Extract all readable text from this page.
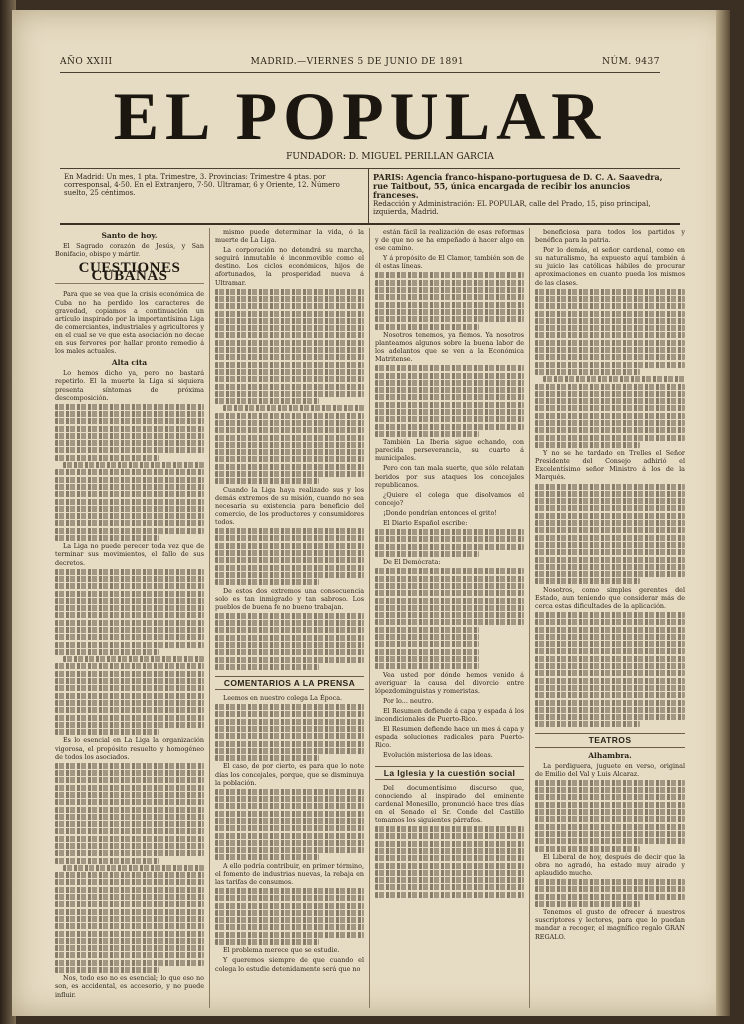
AÑO XXIII	MADRID.—VIERNES 5 DE JUNIO DE 1891	NÚM. 9437
EL POPULAR
FUNDADOR: D. MIGUEL PERILLAN GARCIA
En Madrid: Un mes, 1 pta. Trimestre, 3. Provincias: Trimestre 4 ptas. por corresponsal, 4·50. En el Extranjero, 7·50. Ultramar, 6 y Oriente, 12. Número suelto, 25 céntimos.
PARIS: Agencia franco-hispano-portuguesa de D. C. A. Saavedra, rue Taitbout, 55, única encargada de recibir los anuncios franceses.
Redacción y Administración: EL POPULAR, calle del Prado, 15, piso principal, izquierda, Madrid.
Santo de hoy.

El Sagrado corazón de Jesús, y San Bonifacio, obispo y mártir.

CUESTIONES CUBANAS

Para que se vea que la crisis económica de Cuba no ha perdido los caracteres de gravedad, copiamos a continuación un artículo inspirado por la importantísima Liga de comerciantes, industriales y agricultores y en el cual se ve que esta asociación no decae en sus fervores por hallar pronto remedio á los males actuales.

Alta cita

Lo hemos dicho ya, pero no bastará repetirlo. El la muerte la Liga si siquiera presenta síntomas de próxima descomposición.

La Liga no puede perecer toda vez que de terminar sus movimientos, el fallo de sus decretos.

Es lo esencial en La Liga la organización vigorosa, el propósito resuelto y homogéneo de todos los asociados.

Nos, todo eso no es esencial; lo que eso no son, es accidental, es accesorio, y no puede influir.

mismo puede determinar la vida, ó la muerte de La Liga.

La corporación no detendrá su marcha, seguirá inmutable é inconmovible como el destino. Los ciclos económicos, hijos de afortunados, la prosperidad nueva á Ultramar.

Cuando la Liga haya realizado sus y los demás extremos de su misión, cuando no sea necesaria su existencia para beneficio del comercio, de los productores y consumidores todos.

De estos dos extremos una consecuencia solo es tan inmigrado y tan sabroso. Los pueblos de buena fe no bueno trabajan.

COMENTARIOS A LA PRENSA

Leemos en nuestro colega La Época.

El caso, de por cierto, es para que lo note días los concejales, porque, que se disminuya la población.

A ello podría contribuir, en primer término, el fomento de industrias nuevas, la rebaja en las tarifas de consumos.

El problema merece que se estudie.

Y queremos siempre de que cuando el colega lo estudie detenidamente será que no

están fácil la realización de esas reformas y de que no se ha empeñado á hacer algo en ese camino.

Y á propósito de El Clamor, también son de él estas líneas.

Nosotros tenemos, ya fiemos. Ya nosotros planteamos algunos sobre la buena labor de los adelantos que se ven a la Económica Matritense.

También La Iberia sigue echando, con parecida perseverancia, su cuarto á municipales.

Pero con tan mala suerte, que sólo relatan beridos por sus ataques los concejales republicanos.

¿Quiere el colega que disolvamos el concejo?

¡Donde pondrían entonces el grito!

El Diario Español escribe:

De El Demócrata:

Vea usted por dónde hemos venido á averiguar la causa del divorcio entre lópezdominguistas y romeristas.

Por lo... neutro.

El Resumen defiende á capa y espada á los incondicionales de Puerto-Rico.

El Resumen defiende hace un mes á capa y espada soluciones radicales para Puerto-Rico.

Evolución misteriosa de las ideas.

La Iglesia y la cuestión social

Del documentísimo discurso que, conociendo al inspirado del eminente cardenal Monesillo, pronunció hace tres días en el Senado el Sr. Conde del Castillo tomamos los siguientes párrafos.

beneficiosa para todos los partidos y benéfica para la patria.

Por lo demás, el señor cardenal, como en su naturalismo, ha expuesto aquí también á su juicio las católicas hábiles de procurar aproximaciones en cuanto pueda los mismos de las clases.

Y no se he tardado en Trelles el Señor Presidente del Consejo adhirió el Excelentísimo señor Ministro á los de la Marqués.

Nosotros, como simples gerentes del Estado, aun teniendo que considerar más de cerca estas dificultades de la aplicación.

TEATROS
Alhambra.

La perdiguera, juguete en verso, original de Emilio del Val y Luis Alcaraz.

El Liberal de hoy, después de decir que la obra no agradó, ha estado muy airado y aplaudido mucho.

Tenemos el gusto de ofrecer á nuestros suscriptores y lectores, para que lo puedan mandar a recoger, el magnífico regalo GRAN REGALO.
